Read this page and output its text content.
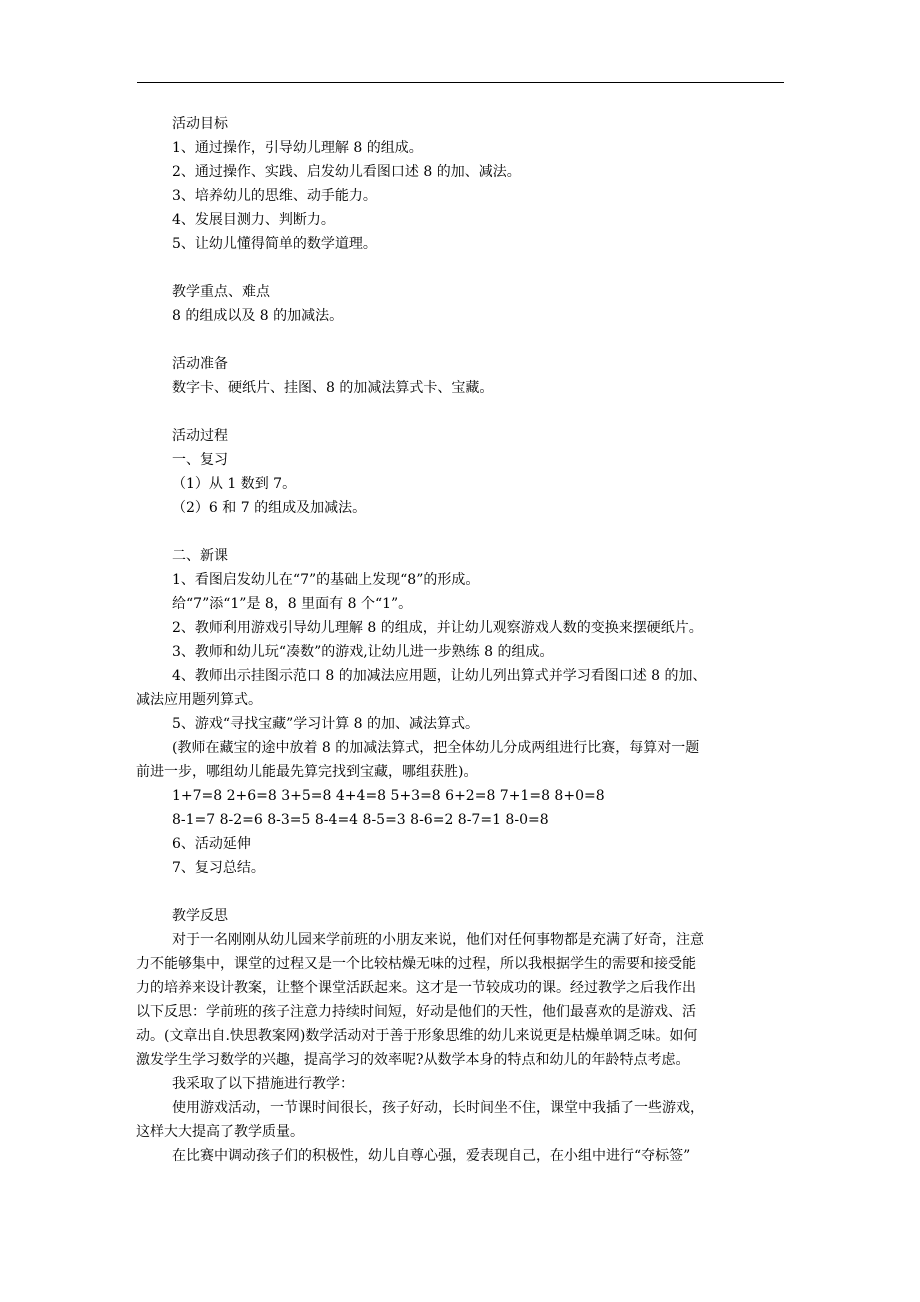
活动目标
1、通过操作，引导幼儿理解 8 的组成。
2、通过操作、实践、启发幼儿看图口述 8 的加、减法。
3、培养幼儿的思维、动手能力。
4、发展目测力、判断力。
5、让幼儿懂得简单的数学道理。
教学重点、难点
8 的组成以及 8 的加减法。
活动准备
数字卡、硬纸片、挂图、8 的加减法算式卡、宝藏。
活动过程
一、复习
（1）从 1 数到 7。
（2）6 和 7 的组成及加减法。
二、新课
1、看图启发幼儿在“7”的基础上发现“8”的形成。
给“7”添“1”是 8，8 里面有 8 个“1”。
2、教师利用游戏引导幼儿理解 8 的组成，并让幼儿观察游戏人数的变换来摆硬纸片。
3、教师和幼儿玩“凑数”的游戏,让幼儿进一步熟练 8 的组成。
4、教师出示挂图示范口 8 的加减法应用题，让幼儿列出算式并学习看图口述 8 的加、
减法应用题列算式。
5、游戏“寻找宝藏”学习计算 8 的加、减法算式。
(教师在藏宝的途中放着 8 的加减法算式，把全体幼儿分成两组进行比赛，每算对一题
前进一步，哪组幼儿能最先算完找到宝藏，哪组获胜)。
1+7=8 2+6=8 3+5=8 4+4=8 5+3=8 6+2=8 7+1=8 8+0=8
8-1=7 8-2=6 8-3=5 8-4=4 8-5=3 8-6=2 8-7=1 8-0=8
6、活动延伸
7、复习总结。
教学反思
对于一名刚刚从幼儿园来学前班的小朋友来说，他们对任何事物都是充满了好奇，注意
力不能够集中，课堂的过程又是一个比较枯燥无味的过程，所以我根据学生的需要和接受能
力的培养来设计教案，让整个课堂活跃起来。这才是一节较成功的课。经过教学之后我作出
以下反思：学前班的孩子注意力持续时间短，好动是他们的天性，他们最喜欢的是游戏、活
动。(文章出自.快思教案网)数学活动对于善于形象思维的幼儿来说更是枯燥单调乏味。如何
激发学生学习数学的兴趣，提高学习的效率呢?从数学本身的特点和幼儿的年龄特点考虑。
我采取了以下措施进行教学：
使用游戏活动，一节课时间很长，孩子好动，长时间坐不住，课堂中我插了一些游戏，
这样大大提高了教学质量。
在比赛中调动孩子们的积极性，幼儿自尊心强，爱表现自己，在小组中进行“夺标签”
